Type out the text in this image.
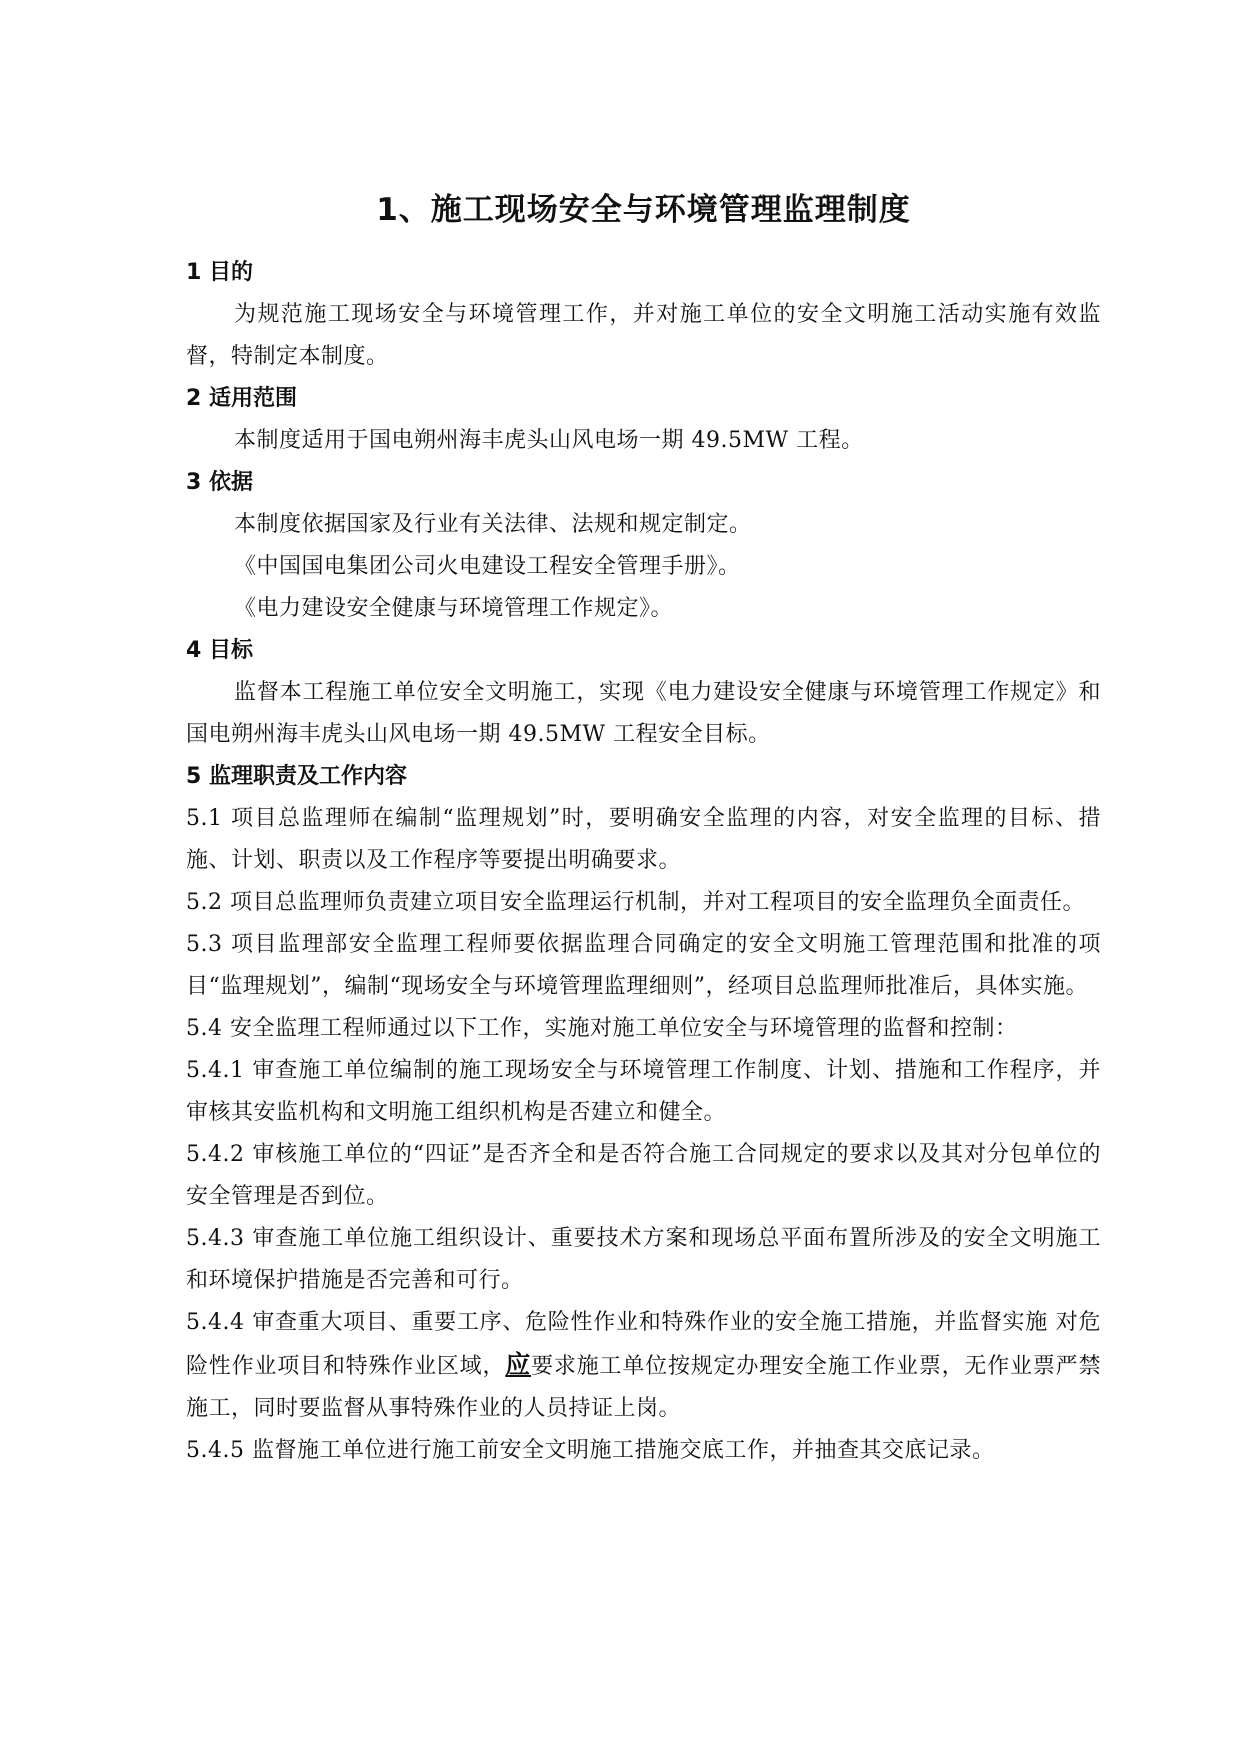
1、施工现场安全与环境管理监理制度
1 目的

为规范施工现场安全与环境管理工作，并对施工单位的安全文明施工活动实施有效监督，特制定本制度。

2 适用范围

本制度适用于国电朔州海丰虎头山风电场一期 49.5MW 工程。

3 依据

本制度依据国家及行业有关法律、法规和规定制定。

《中国国电集团公司火电建设工程安全管理手册》。

《电力建设安全健康与环境管理工作规定》。

4 目标

监督本工程施工单位安全文明施工，实现《电力建设安全健康与环境管理工作规定》和国电朔州海丰虎头山风电场一期 49.5MW 工程安全目标。

5 监理职责及工作内容

5.1 项目总监理师在编制“监理规划”时，要明确安全监理的内容，对安全监理的目标、措施、计划、职责以及工作程序等要提出明确要求。

5.2 项目总监理师负责建立项目安全监理运行机制，并对工程项目的安全监理负全面责任。

5.3 项目监理部安全监理工程师要依据监理合同确定的安全文明施工管理范围和批准的项目“监理规划”，编制“现场安全与环境管理监理细则”，经项目总监理师批准后，具体实施。

5.4 安全监理工程师通过以下工作，实施对施工单位安全与环境管理的监督和控制：

5.4.1 审查施工单位编制的施工现场安全与环境管理工作制度、计划、措施和工作程序，并审核其安监机构和文明施工组织机构是否建立和健全。

5.4.2 审核施工单位的“四证”是否齐全和是否符合施工合同规定的要求以及其对分包单位的安全管理是否到位。

5.4.3 审查施工单位施工组织设计、重要技术方案和现场总平面布置所涉及的安全文明施工和环境保护措施是否完善和可行。

5.4.4 审查重大项目、重要工序、危险性作业和特殊作业的安全施工措施，并监督实施 对危险性作业项目和特殊作业区域，应要求施工单位按规定办理安全施工作业票，无作业票严禁施工，同时要监督从事特殊作业的人员持证上岗。

5.4.5 监督施工单位进行施工前安全文明施工措施交底工作，并抽查其交底记录。
